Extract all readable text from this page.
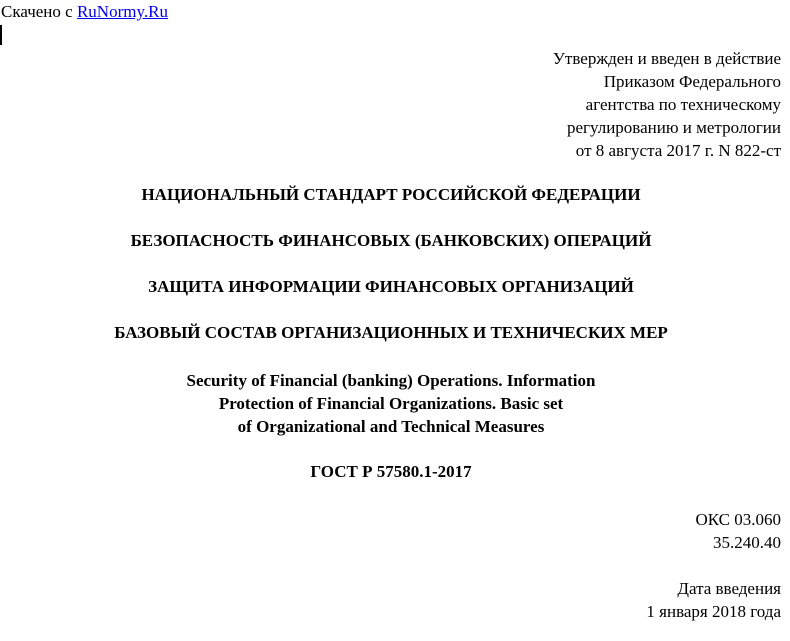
Скачено с RuNormy.Ru
Утвержден и введен в действие
Приказом Федерального
агентства по техническому
регулированию и метрологии
от 8 августа 2017 г. N 822-ст
НАЦИОНАЛЬНЫЙ СТАНДАРТ РОССИЙСКОЙ ФЕДЕРАЦИИ
БЕЗОПАСНОСТЬ ФИНАНСОВЫХ (БАНКОВСКИХ) ОПЕРАЦИЙ
ЗАЩИТА ИНФОРМАЦИИ ФИНАНСОВЫХ ОРГАНИЗАЦИЙ
БАЗОВЫЙ СОСТАВ ОРГАНИЗАЦИОННЫХ И ТЕХНИЧЕСКИХ МЕР
Security of Financial (banking) Operations. Information
Protection of Financial Organizations. Basic set
of Organizational and Technical Measures
ГОСТ Р 57580.1-2017
ОКС 03.060
35.240.40
Дата введения
1 января 2018 года
